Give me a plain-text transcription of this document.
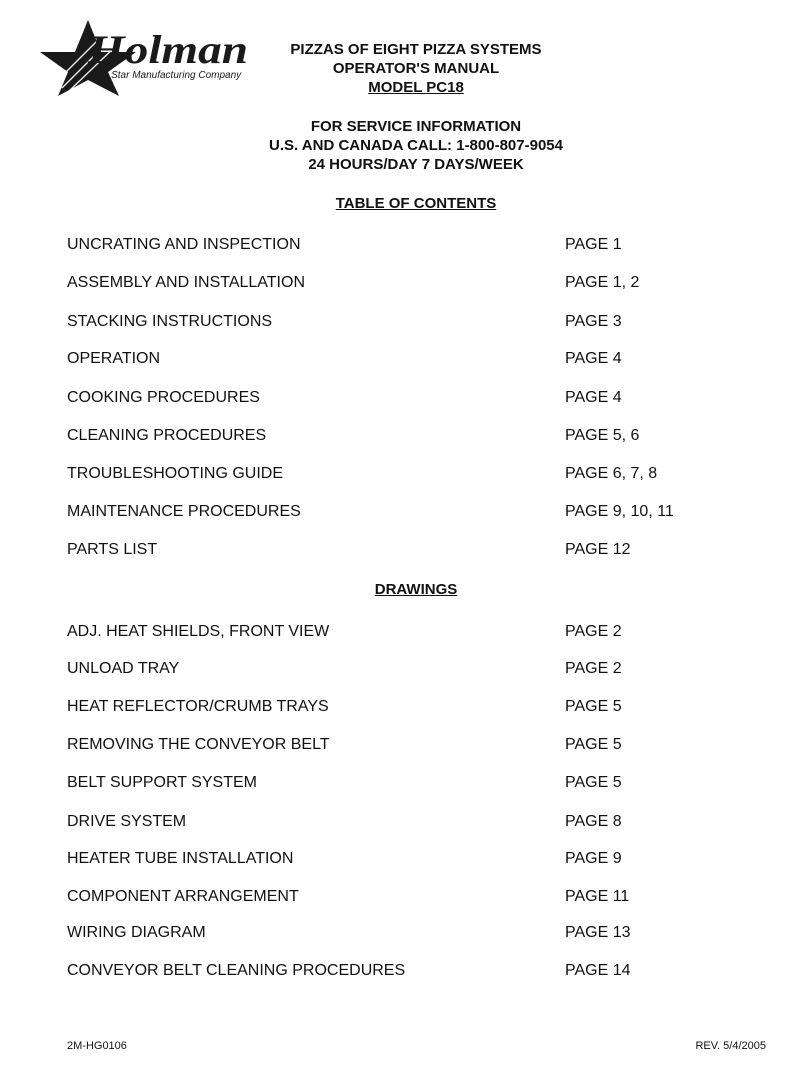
Holman
A Star Manufacturing Company
PIZZAS OF EIGHT PIZZA SYSTEMS
OPERATOR'S MANUAL
MODEL PC18
FOR SERVICE INFORMATION
U.S. AND CANADA CALL: 1-800-807-9054
24 HOURS/DAY 7 DAYS/WEEK
TABLE OF CONTENTS
UNCRATING AND INSPECTION	PAGE 1
ASSEMBLY AND INSTALLATION	PAGE 1, 2
STACKING INSTRUCTIONS	PAGE 3
OPERATION	PAGE 4
COOKING PROCEDURES	PAGE 4
CLEANING PROCEDURES	PAGE 5, 6
TROUBLESHOOTING GUIDE	PAGE 6, 7, 8
MAINTENANCE PROCEDURES	PAGE 9, 10, 11
PARTS LIST	PAGE 12
DRAWINGS
ADJ. HEAT SHIELDS, FRONT VIEW	PAGE 2
UNLOAD TRAY	PAGE 2
HEAT REFLECTOR/CRUMB TRAYS	PAGE 5
REMOVING THE CONVEYOR BELT	PAGE 5
BELT SUPPORT SYSTEM	PAGE 5
DRIVE SYSTEM	PAGE 8
HEATER TUBE INSTALLATION	PAGE 9
COMPONENT ARRANGEMENT	PAGE 11
WIRING DIAGRAM	PAGE 13
CONVEYOR BELT CLEANING PROCEDURES	PAGE 14
2M-HG0106	REV. 5/4/2005
